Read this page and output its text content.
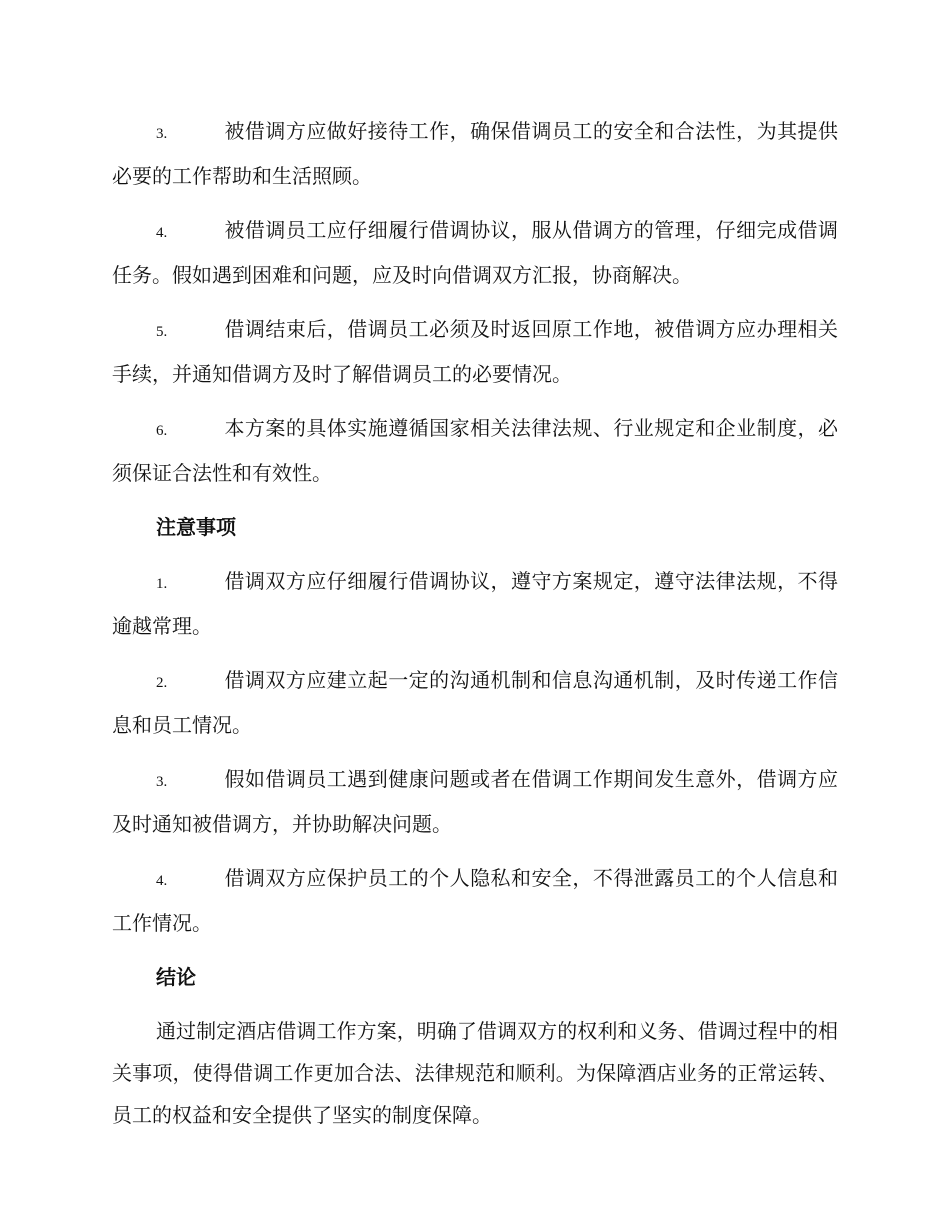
3.	被借调方应做好接待工作，确保借调员工的安全和合法性，为其提供必要的工作帮助和生活照顾。

4.	被借调员工应仔细履行借调协议，服从借调方的管理，仔细完成借调任务。假如遇到困难和问题，应及时向借调双方汇报，协商解决。

5.	借调结束后，借调员工必须及时返回原工作地，被借调方应办理相关手续，并通知借调方及时了解借调员工的必要情况。

6.	本方案的具体实施遵循国家相关法律法规、行业规定和企业制度，必须保证合法性和有效性。

注意事项

1.	借调双方应仔细履行借调协议，遵守方案规定，遵守法律法规，不得逾越常理。

2.	借调双方应建立起一定的沟通机制和信息沟通机制，及时传递工作信息和员工情况。

3.	假如借调员工遇到健康问题或者在借调工作期间发生意外，借调方应及时通知被借调方，并协助解决问题。

4.	借调双方应保护员工的个人隐私和安全，不得泄露员工的个人信息和工作情况。

结论

通过制定酒店借调工作方案，明确了借调双方的权利和义务、借调过程中的相关事项，使得借调工作更加合法、法律规范和顺利。为保障酒店业务的正常运转、员工的权益和安全提供了坚实的制度保障。
